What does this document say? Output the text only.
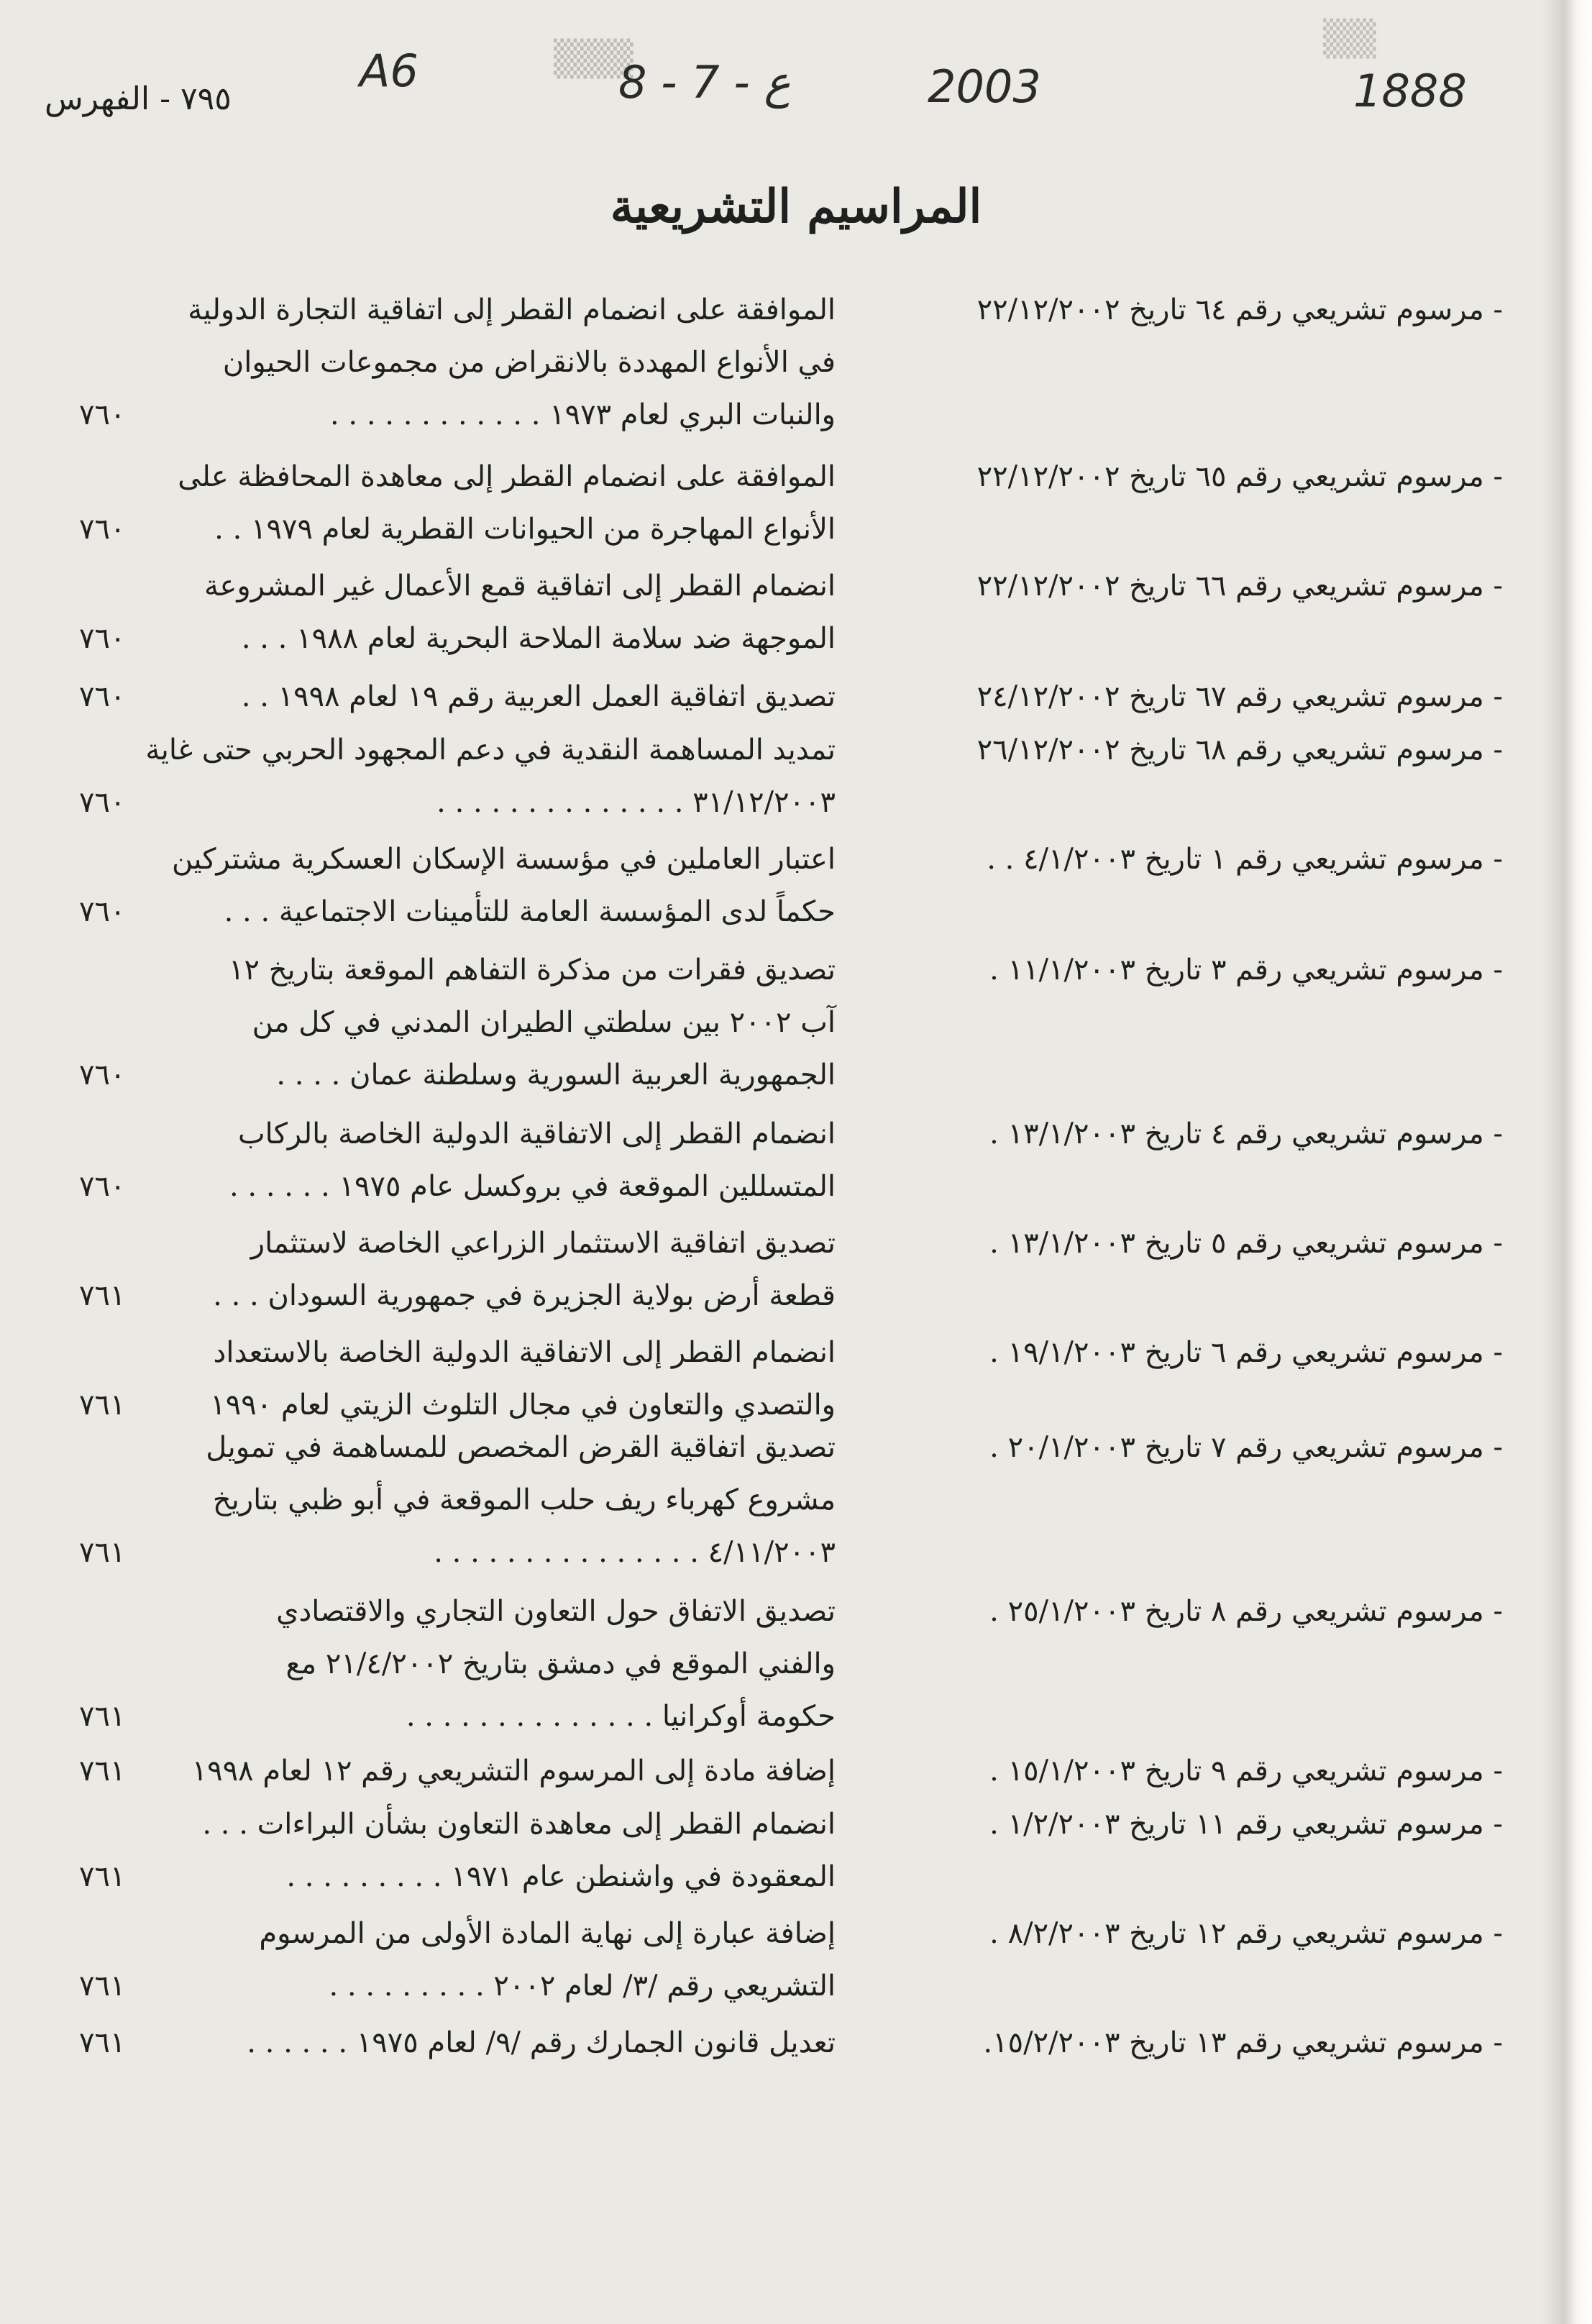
▒▒▒	▒▒
٧٩٥ - الفهرس
A6	8 - 7 - ع	2003	1888
المراسيم التشريعية
- مرسوم تشريعي رقم ٦٤ تاريخ ٢٢/١٢/٢٠٠٢
الموافقة على انضمام القطر إلى اتفاقية التجارة الدولية
في الأنواع المهددة بالانقراض من مجموعات الحيوان
والنبات البري لعام ١٩٧٣ . . . . . . . . . . . .
٧٦٠
- مرسوم تشريعي رقم ٦٥ تاريخ ٢٢/١٢/٢٠٠٢
الموافقة على انضمام القطر إلى معاهدة المحافظة على
الأنواع المهاجرة من الحيوانات القطرية لعام ١٩٧٩ . .
٧٦٠
- مرسوم تشريعي رقم ٦٦ تاريخ ٢٢/١٢/٢٠٠٢
انضمام القطر إلى اتفاقية قمع الأعمال غير المشروعة
الموجهة ضد سلامة الملاحة البحرية لعام ١٩٨٨ . . .
٧٦٠
- مرسوم تشريعي رقم ٦٧ تاريخ ٢٤/١٢/٢٠٠٢
تصديق اتفاقية العمل العربية رقم ١٩ لعام ١٩٩٨ . .
٧٦٠
- مرسوم تشريعي رقم ٦٨ تاريخ ٢٦/١٢/٢٠٠٢
تمديد المساهمة النقدية في دعم المجهود الحربي حتى غاية
٣١/١٢/٢٠٠٣ . . . . . . . . . . . . . .
٧٦٠
- مرسوم تشريعي رقم ١ تاريخ ٤/١/٢٠٠٣ . .
اعتبار العاملين في مؤسسة الإسكان العسكرية مشتركين
حكماً لدى المؤسسة العامة للتأمينات الاجتماعية . . .
٧٦٠
- مرسوم تشريعي رقم ٣ تاريخ ١١/١/٢٠٠٣ .
تصديق فقرات من مذكرة التفاهم الموقعة بتاريخ ١٢
آب ٢٠٠٢ بين سلطتي الطيران المدني في كل من
الجمهورية العربية السورية وسلطنة عمان . . . .
٧٦٠
- مرسوم تشريعي رقم ٤ تاريخ ١٣/١/٢٠٠٣ .
انضمام القطر إلى الاتفاقية الدولية الخاصة بالركاب
المتسللين الموقعة في بروكسل عام ١٩٧٥ . . . . . .
٧٦٠
- مرسوم تشريعي رقم ٥ تاريخ ١٣/١/٢٠٠٣ .
تصديق اتفاقية الاستثمار الزراعي الخاصة لاستثمار
قطعة أرض بولاية الجزيرة في جمهورية السودان . . .
٧٦١
- مرسوم تشريعي رقم ٦ تاريخ ١٩/١/٢٠٠٣ .
انضمام القطر إلى الاتفاقية الدولية الخاصة بالاستعداد
والتصدي والتعاون في مجال التلوث الزيتي لعام ١٩٩٠
٧٦١
- مرسوم تشريعي رقم ٧ تاريخ ٢٠/١/٢٠٠٣ .
تصديق اتفاقية القرض المخصص للمساهمة في تمويل
مشروع كهرباء ريف حلب الموقعة في أبو ظبي بتاريخ
٤/١١/٢٠٠٣ . . . . . . . . . . . . . . .
٧٦١
- مرسوم تشريعي رقم ٨ تاريخ ٢٥/١/٢٠٠٣ .
تصديق الاتفاق حول التعاون التجاري والاقتصادي
والفني الموقع في دمشق بتاريخ ٢١/٤/٢٠٠٢ مع
حكومة أوكرانيا . . . . . . . . . . . . . .
٧٦١
- مرسوم تشريعي رقم ٩ تاريخ ١٥/١/٢٠٠٣ .
إضافة مادة إلى المرسوم التشريعي رقم ١٢ لعام ١٩٩٨
٧٦١
- مرسوم تشريعي رقم ١١ تاريخ ١/٢/٢٠٠٣ .
انضمام القطر إلى معاهدة التعاون بشأن البراءات . . .
المعقودة في واشنطن عام ١٩٧١ . . . . . . . . .
٧٦١
- مرسوم تشريعي رقم ١٢ تاريخ ٨/٢/٢٠٠٣ .
إضافة عبارة إلى نهاية المادة الأولى من المرسوم
التشريعي رقم /٣/ لعام ٢٠٠٢ . . . . . . . . .
٧٦١
- مرسوم تشريعي رقم ١٣ تاريخ ١٥/٢/٢٠٠٣.
تعديل قانون الجمارك رقم /٩/ لعام ١٩٧٥ . . . . . .
٧٦١
